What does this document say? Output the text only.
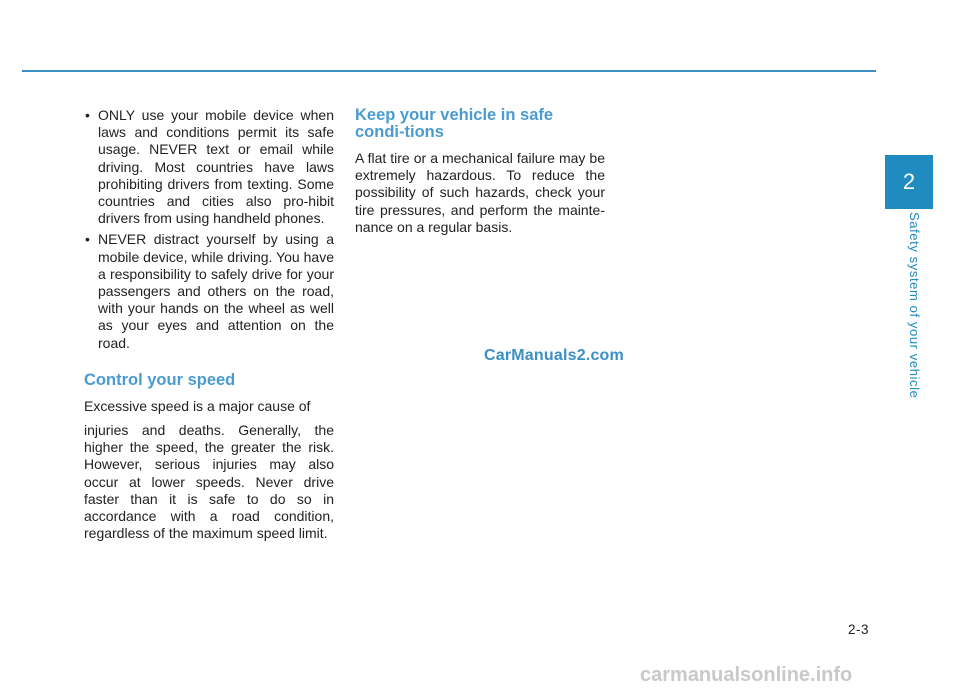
• ONLY use your mobile device when laws and conditions permit its safe usage. NEVER text or email while driving. Most countries have laws prohibiting drivers from texting. Some countries and cities also pro-hibit drivers from using handheld phones.
• NEVER distract yourself by using a mobile device, while driving. You have a responsibility to safely drive for your passengers and others on the road, with your hands on the wheel as well as your eyes and attention on the road.
Control your speed

Excessive speed is a major cause of

injuries and deaths. Generally, the higher the speed, the greater the risk. However, serious injuries may also occur at lower speeds. Never drive faster than it is safe to do so in accordance with a road condition, regardless of the maximum speed limit.

Keep your vehicle in safe condi-tions

A flat tire or a mechanical failure may be extremely hazardous. To reduce the possibility of such hazards, check your tire pressures, and perform the mainte-nance on a regular basis.

CarManuals2.com
2
Safety system of your vehicle
2-3
carmanualsonline.info
